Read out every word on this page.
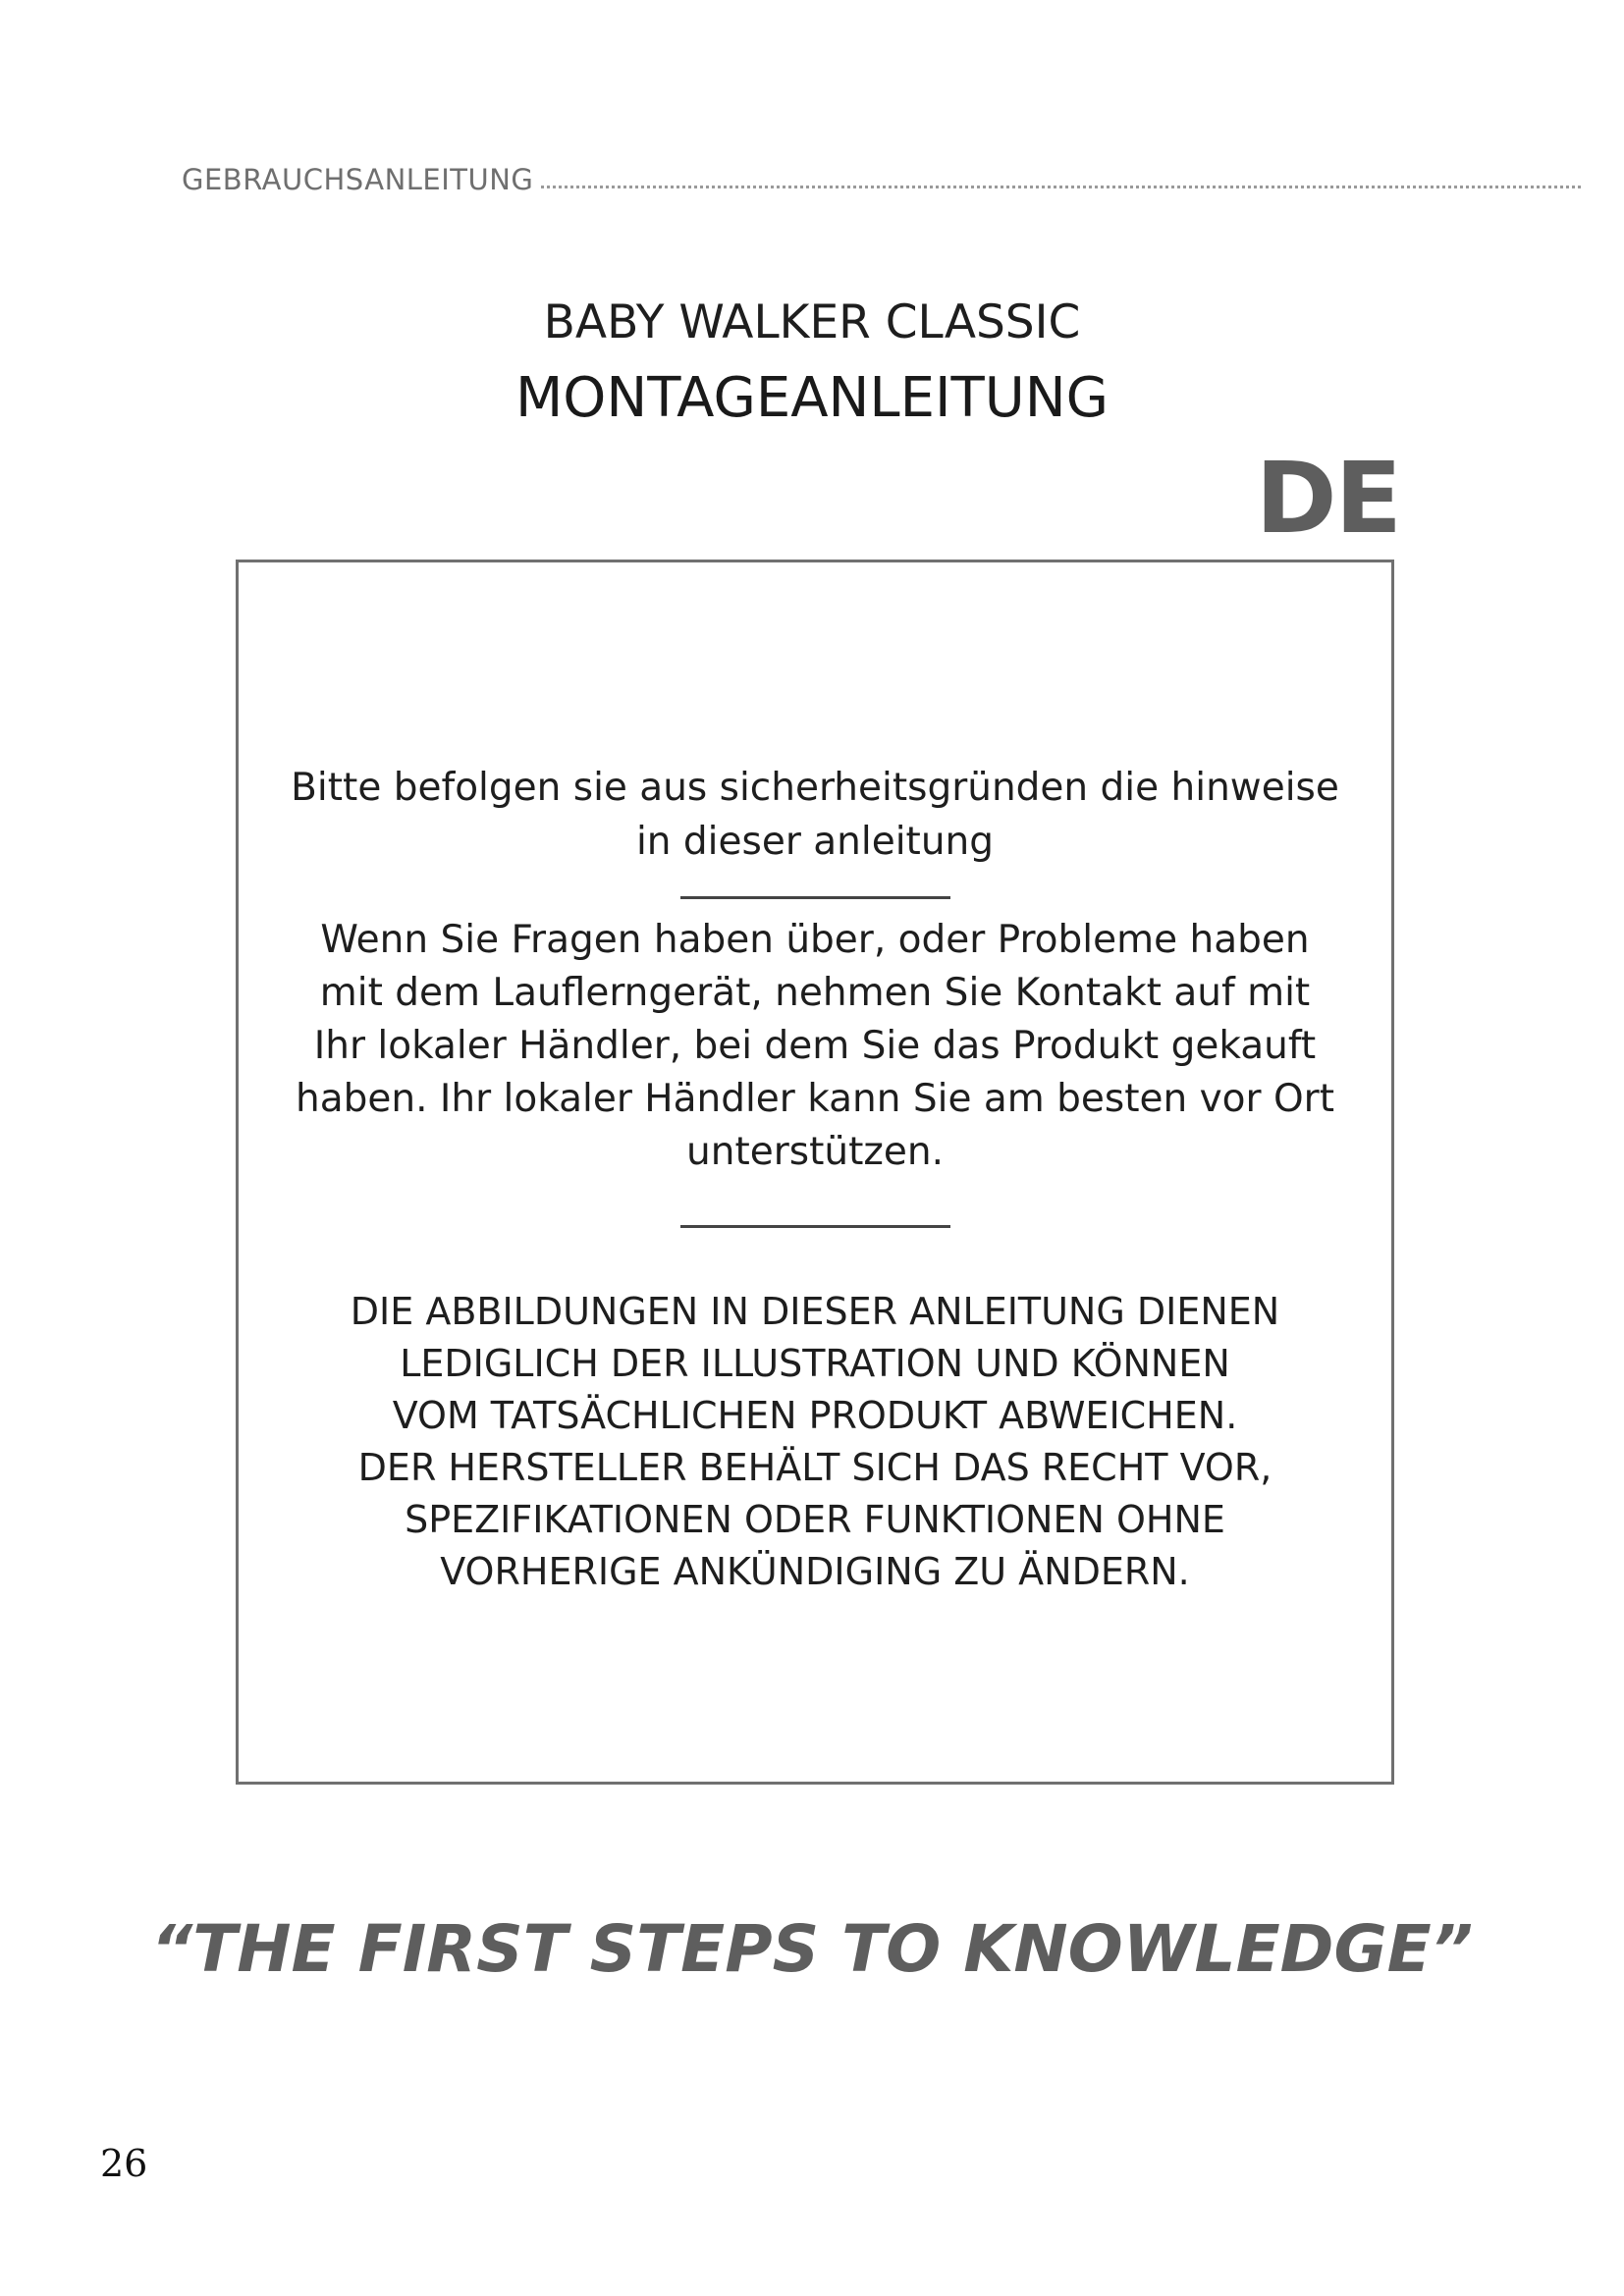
GEBRAUCHSANLEITUNG
BABY WALKER CLASSIC
MONTAGEANLEITUNG
DE
Bitte befolgen sie aus sicherheitsgründen die hinweise
in dieser anleitung
Wenn Sie Fragen haben über, oder Probleme haben
mit dem Lauflerngerät, nehmen Sie Kontakt auf mit
Ihr lokaler Händler, bei dem Sie das Produkt gekauft
haben. Ihr lokaler Händler kann Sie am besten vor Ort
unterstützen.
DIE ABBILDUNGEN IN DIESER ANLEITUNG DIENEN
LEDIGLICH DER ILLUSTRATION UND KÖNNEN
VOM TATSÄCHLICHEN PRODUKT ABWEICHEN.
DER HERSTELLER BEHÄLT SICH DAS RECHT VOR,
SPEZIFIKATIONEN ODER FUNKTIONEN OHNE
VORHERIGE ANKÜNDIGING ZU ÄNDERN.
“THE FIRST STEPS TO KNOWLEDGE”
26
